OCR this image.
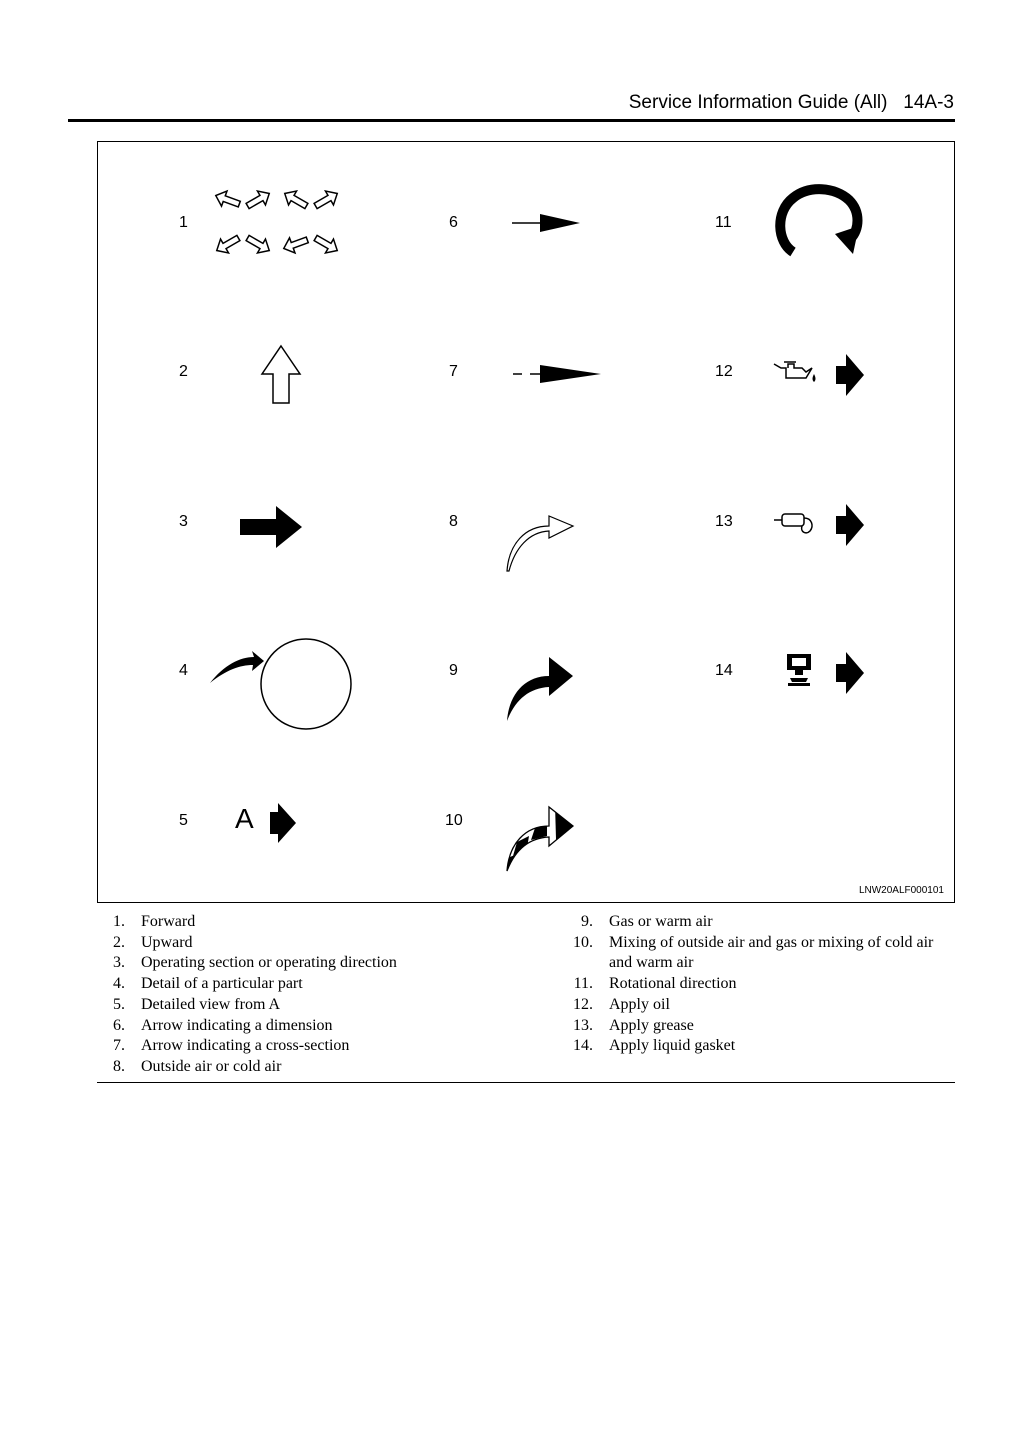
Service Information Guide (All)   14A-3
1
2
3
4
5
6
7
8
9
10
11
12
13
14
A
LNW20ALF000101
1. Forward
2. Upward
3. Operating section or operating direction
4. Detail of a particular part
5. Detailed view from A
6. Arrow indicating a dimension
7. Arrow indicating a cross-section
8. Outside air or cold air
9. Gas or warm air
10. Mixing of outside air and gas or mixing of cold air and warm air
11. Rotational direction
12. Apply oil
13. Apply grease
14. Apply liquid gasket
